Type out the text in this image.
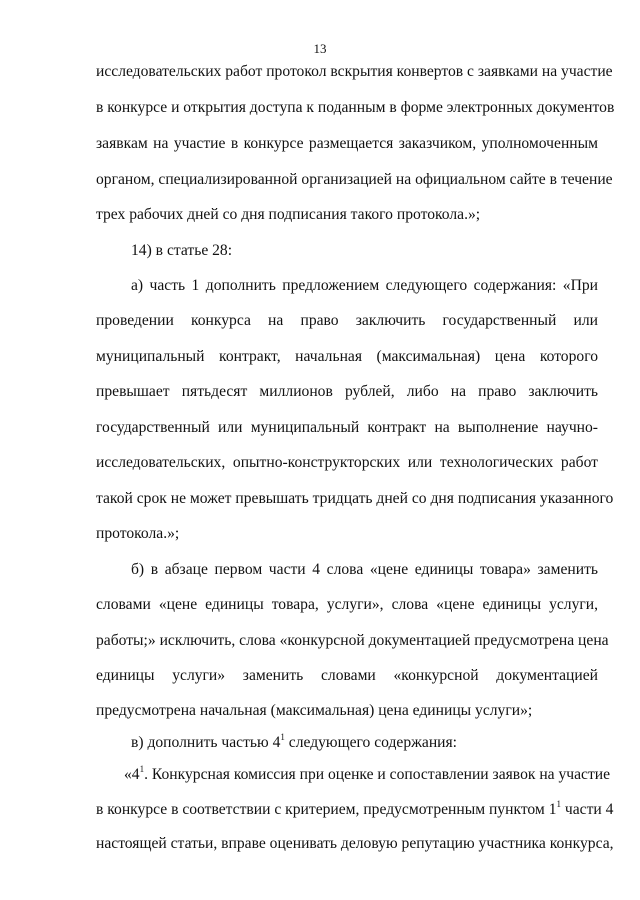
13
исследовательских работ протокол вскрытия конвертов с заявками на участие
в конкурсе и открытия доступа к поданным в форме электронных документов
заявкам на участие в конкурсе размещается заказчиком, уполномоченным
органом, специализированной организацией на официальном сайте в течение
трех рабочих дней со дня подписания такого протокола.»;
14) в статье 28:
а) часть 1 дополнить предложением следующего содержания: «При
проведении конкурса на право заключить государственный или
муниципальный контракт, начальная (максимальная) цена которого
превышает пятьдесят миллионов рублей, либо на право заключить
государственный или муниципальный контракт на выполнение научно-
исследовательских, опытно-конструкторских или технологических работ
такой срок не может превышать тридцать дней со дня подписания указанного
протокола.»;
б) в абзаце первом части 4 слова «цене единицы товара» заменить
словами «цене единицы товара, услуги», слова «цене единицы услуги,
работы;» исключить, слова «конкурсной документацией предусмотрена цена
единицы услуги» заменить словами «конкурсной документацией
предусмотрена начальная (максимальная) цена единицы услуги»;
в) дополнить частью $4^1$ следующего содержания:
«$4^1$. Конкурсная комиссия при оценке и сопоставлении заявок на участие
в конкурсе в соответствии с критерием, предусмотренным пунктом $1^1$ части 4
настоящей статьи, вправе оценивать деловую репутацию участника конкурса,
